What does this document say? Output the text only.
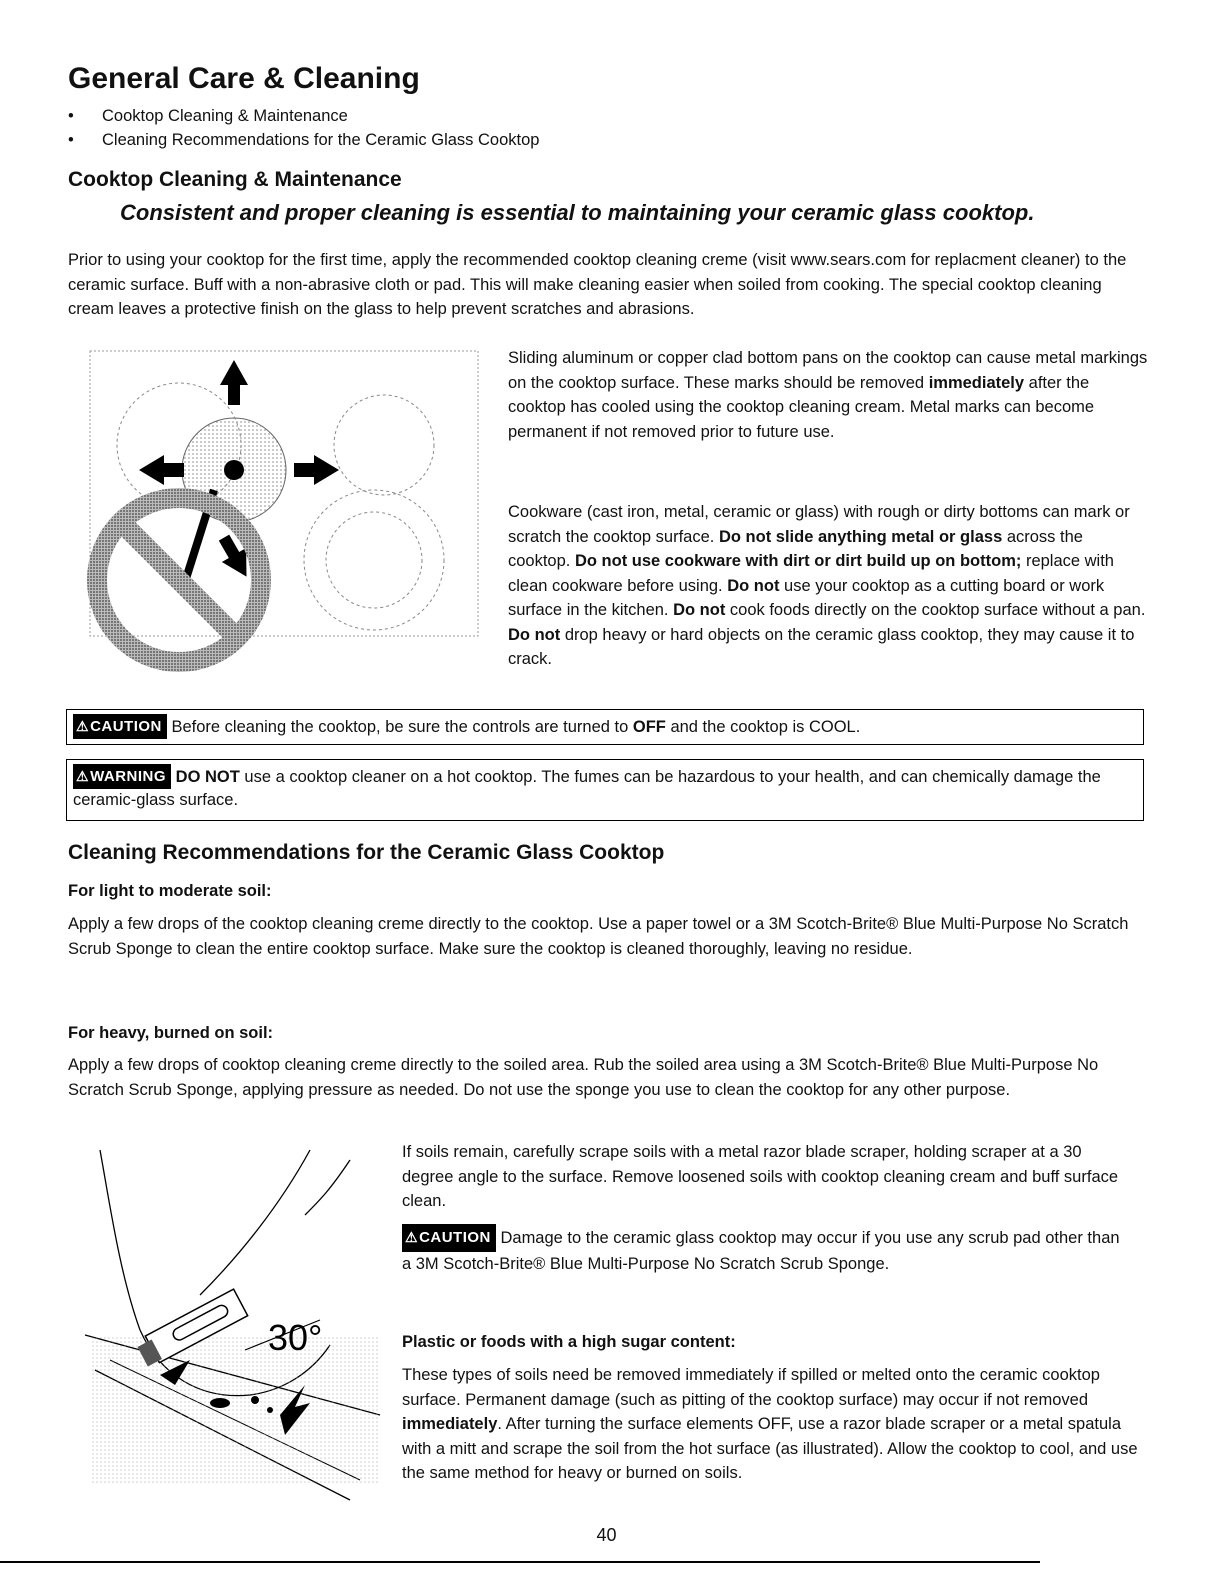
General Care & Cleaning
• Cooktop Cleaning & Maintenance
• Cleaning Recommendations for the Ceramic Glass Cooktop
Cooktop Cleaning & Maintenance
Consistent and proper cleaning is essential to maintaining your ceramic glass cooktop.
Prior to using your cooktop for the first time, apply the recommended cooktop cleaning creme (visit www.sears.com for replacment cleaner) to the ceramic surface. Buff with a non-abrasive cloth or pad. This will make cleaning easier when soiled from cooking. The special cooktop cleaning cream leaves a protective finish on the glass to help prevent scratches and abrasions.
Sliding aluminum or copper clad bottom pans on the cooktop can cause metal markings on the cooktop surface. These marks should be removed immediately after the cooktop has cooled using the cooktop cleaning cream. Metal marks can become permanent if not removed prior to future use.
Cookware (cast iron, metal, ceramic or glass) with rough or dirty bottoms can mark or scratch the cooktop surface. Do not slide anything metal or glass across the cooktop. Do not use cookware with dirt or dirt build up on bottom; replace with clean cookware before using. Do not use your cooktop as a cutting board or work surface in the kitchen. Do not cook foods directly on the cooktop surface without a pan. Do not drop heavy or hard objects on the ceramic glass cooktop, they may cause it to crack.
⚠CAUTION Before cleaning the cooktop, be sure the controls are turned to OFF and the cooktop is COOL.
⚠WARNING DO NOT use a cooktop cleaner on a hot cooktop. The fumes can be hazardous to your health, and can chemically damage the ceramic-glass surface.
Cleaning Recommendations for the Ceramic Glass Cooktop
For light to moderate soil:
Apply a few drops of the cooktop cleaning creme directly to the cooktop. Use a paper towel or a 3M Scotch-Brite® Blue Multi-Purpose No Scratch Scrub Sponge to clean the entire cooktop surface. Make sure the cooktop is cleaned thoroughly, leaving no residue.
For heavy, burned on soil:
Apply a few drops of cooktop cleaning creme directly to the soiled area. Rub the soiled area using a 3M Scotch-Brite® Blue Multi-Purpose No Scratch Scrub Sponge, applying pressure as needed. Do not use the sponge you use to clean the cooktop for any other purpose.
30°
If soils remain, carefully scrape soils with a metal razor blade scraper, holding scraper at a 30 degree angle to the surface. Remove loosened soils with cooktop cleaning cream and buff surface clean.
⚠CAUTION Damage to the ceramic glass cooktop may occur if you use any scrub pad other than a 3M Scotch-Brite® Blue Multi-Purpose No Scratch Scrub Sponge.
Plastic or foods with a high sugar content:
These types of soils need be removed immediately if spilled or melted onto the ceramic cooktop surface. Permanent damage (such as pitting of the cooktop surface) may occur if not removed immediately. After turning the surface elements OFF, use a razor blade scraper or a metal spatula with a mitt and scrape the soil from the hot surface (as illustrated). Allow the cooktop to cool, and use the same method for heavy or burned on soils.
40
